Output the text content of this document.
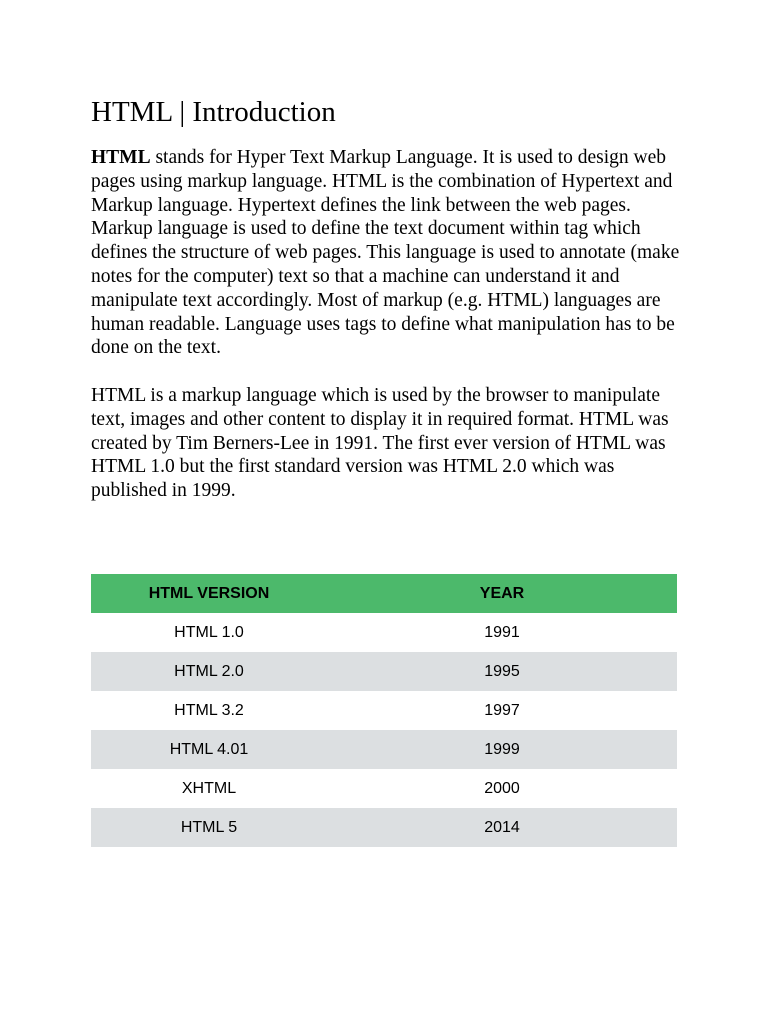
HTML | Introduction

HTML stands for Hyper Text Markup Language. It is used to design web pages using markup language. HTML is the combination of Hypertext and Markup language. Hypertext defines the link between the web pages. Markup language is used to define the text document within tag which defines the structure of web pages. This language is used to annotate (make notes for the computer) text so that a machine can understand it and manipulate text accordingly. Most of markup (e.g. HTML) languages are human readable. Language uses tags to define what manipulation has to be done on the text.

HTML is a markup language which is used by the browser to manipulate text, images and other content to display it in required format. HTML was created by Tim Berners-Lee in 1991. The first ever version of HTML was HTML 1.0 but the first standard version was HTML 2.0 which was published in 1999.

HTML VERSION	YEAR
HTML 1.0	1991
HTML 2.0	1995
HTML 3.2	1997
HTML 4.01	1999
XHTML	2000
HTML 5	2014
